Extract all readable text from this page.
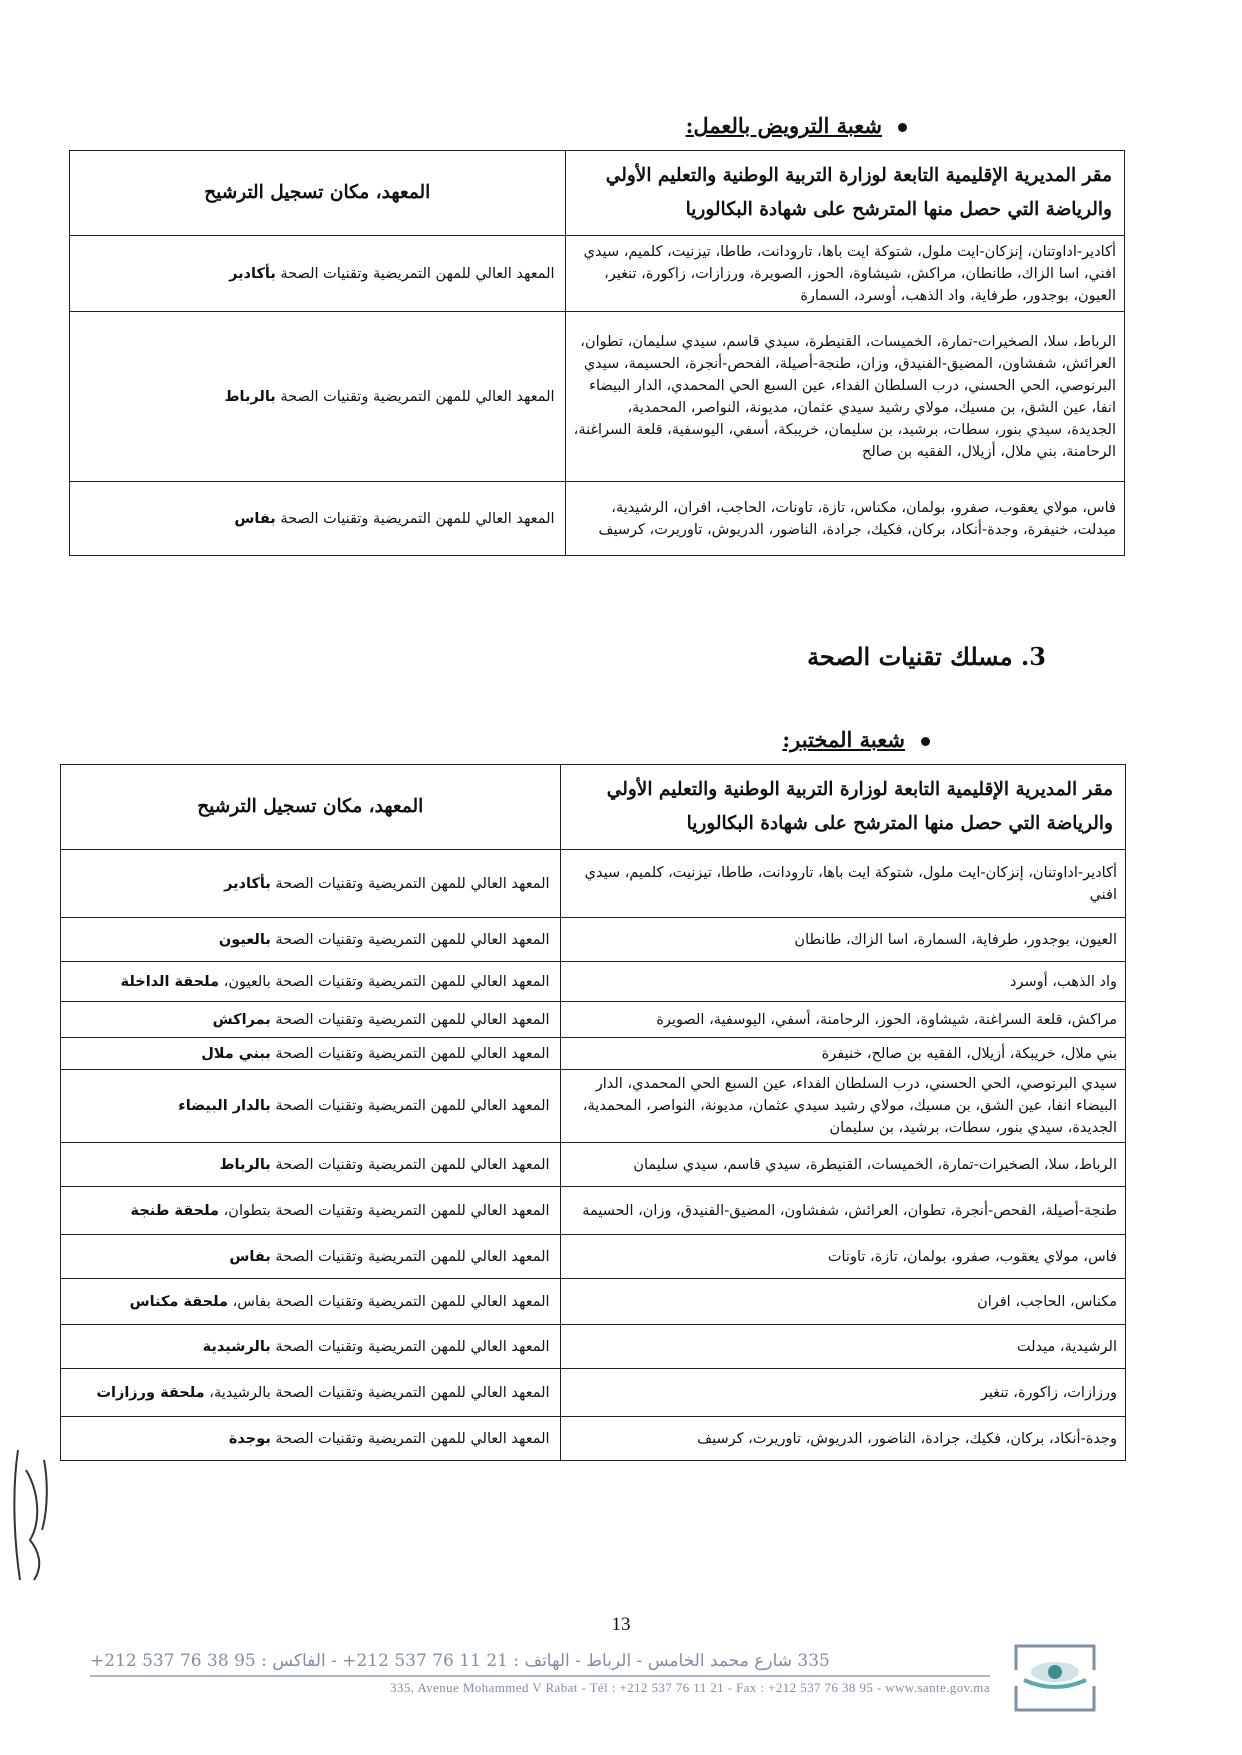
شعبة الترويض بالعمل:
مقر المديرية الإقليمية التابعة لوزارة التربية الوطنية والتعليم الأولي والرياضة التي حصل منها المترشح على شهادة البكالوريا	المعهد، مكان تسجيل الترشيح
أكادير-اداوتنان، إنزكان-ايت ملول، شتوكة ايت باها، تارودانت، طاطا، تيزنيت، كلميم، سيدي افني، اسا الزاك، طانطان، مراكش، شيشاوة، الحوز، الصويرة، ورزازات، زاكورة، تنغير، العيون، بوجدور، طرفاية، واد الذهب، أوسرد، السمارة	المعهد العالي للمهن التمريضية وتقنيات الصحة بأكادير
الرباط، سلا، الصخيرات-تمارة، الخميسات، القنيطرة، سيدي قاسم، سيدي سليمان، تطوان، العرائش، شفشاون، المضيق-الفنيدق، وزان، طنجة-أصيلة، الفحص-أنجرة، الحسيمة، سيدي البرنوصي، الحي الحسني، درب السلطان الفداء، عين السبع الحي المحمدي، الدار البيضاء انفا، عين الشق، بن مسيك، مولاي رشيد سيدي عثمان، مديونة، النواصر، المحمدية، الجديدة، سيدي بنور، سطات، برشيد، بن سليمان، خريبكة، أسفي، اليوسفية، قلعة السراغنة، الرحامنة، بني ملال، أزيلال، الفقيه بن صالح	المعهد العالي للمهن التمريضية وتقنيات الصحة بالرباط
فاس، مولاي يعقوب، صفرو، بولمان، مكناس، تازة، تاونات، الحاجب، افران، الرشيدية، ميدلت، خنيفرة، وجدة-أنكاد، بركان، فكيك، جرادة، الناضور، الدريوش، تاوريرت، كرسيف	المعهد العالي للمهن التمريضية وتقنيات الصحة بفاس
3. مسلك تقنيات الصحة
شعبة المختبر:
مقر المديرية الإقليمية التابعة لوزارة التربية الوطنية والتعليم الأولي والرياضة التي حصل منها المترشح على شهادة البكالوريا	المعهد، مكان تسجيل الترشيح
أكادير-اداوتنان، إنزكان-ايت ملول، شتوكة ايت باها، تارودانت، طاطا، تيزنيت، كلميم، سيدي افني	المعهد العالي للمهن التمريضية وتقنيات الصحة بأكادير
العيون، بوجدور، طرفاية، السمارة، اسا الزاك، طانطان	المعهد العالي للمهن التمريضية وتقنيات الصحة بالعيون
واد الذهب، أوسرد	المعهد العالي للمهن التمريضية وتقنيات الصحة بالعيون، ملحقة الداخلة
مراكش، قلعة السراغنة، شيشاوة، الحوز، الرحامنة، أسفي، اليوسفية، الصويرة	المعهد العالي للمهن التمريضية وتقنيات الصحة بمراكش
بني ملال، خريبكة، أزيلال، الفقيه بن صالح، خنيفرة	المعهد العالي للمهن التمريضية وتقنيات الصحة ببني ملال
سيدي البرنوصي، الحي الحسني، درب السلطان الفداء، عين السبع الحي المحمدي، الدار البيضاء انفا، عين الشق، بن مسيك، مولاي رشيد سيدي عثمان، مديونة، النواصر، المحمدية، الجديدة، سيدي بنور، سطات، برشيد، بن سليمان	المعهد العالي للمهن التمريضية وتقنيات الصحة بالدار البيضاء
الرباط، سلا، الصخيرات-تمارة، الخميسات، القنيطرة، سيدي قاسم، سيدي سليمان	المعهد العالي للمهن التمريضية وتقنيات الصحة بالرباط
طنجة-أصيلة، الفحص-أنجرة، تطوان، العرائش، شفشاون، المضيق-الفنيدق، وزان، الحسيمة	المعهد العالي للمهن التمريضية وتقنيات الصحة بتطوان، ملحقة طنجة
فاس، مولاي يعقوب، صفرو، بولمان، تازة، تاونات	المعهد العالي للمهن التمريضية وتقنيات الصحة بفاس
مكناس، الحاجب، افران	المعهد العالي للمهن التمريضية وتقنيات الصحة بفاس، ملحقة مكناس
الرشيدية، ميدلت	المعهد العالي للمهن التمريضية وتقنيات الصحة بالرشيدية
ورزازات، زاكورة، تنغير	المعهد العالي للمهن التمريضية وتقنيات الصحة بالرشيدية، ملحقة ورزازات
وجدة-أنكاد، بركان، فكيك، جرادة، الناضور، الدريوش، تاوريرت، كرسيف	المعهد العالي للمهن التمريضية وتقنيات الصحة بوجدة
13
335 شارع محمد الخامس - الرباط - الهاتف : 21 11 76 537 212+ - الفاكس : 95 38 76 537 212+
335, Avenue Mohammed V Rabat - Tél : +212 537 76 11 21 - Fax : +212 537 76 38 95 - www.sante.gov.ma
